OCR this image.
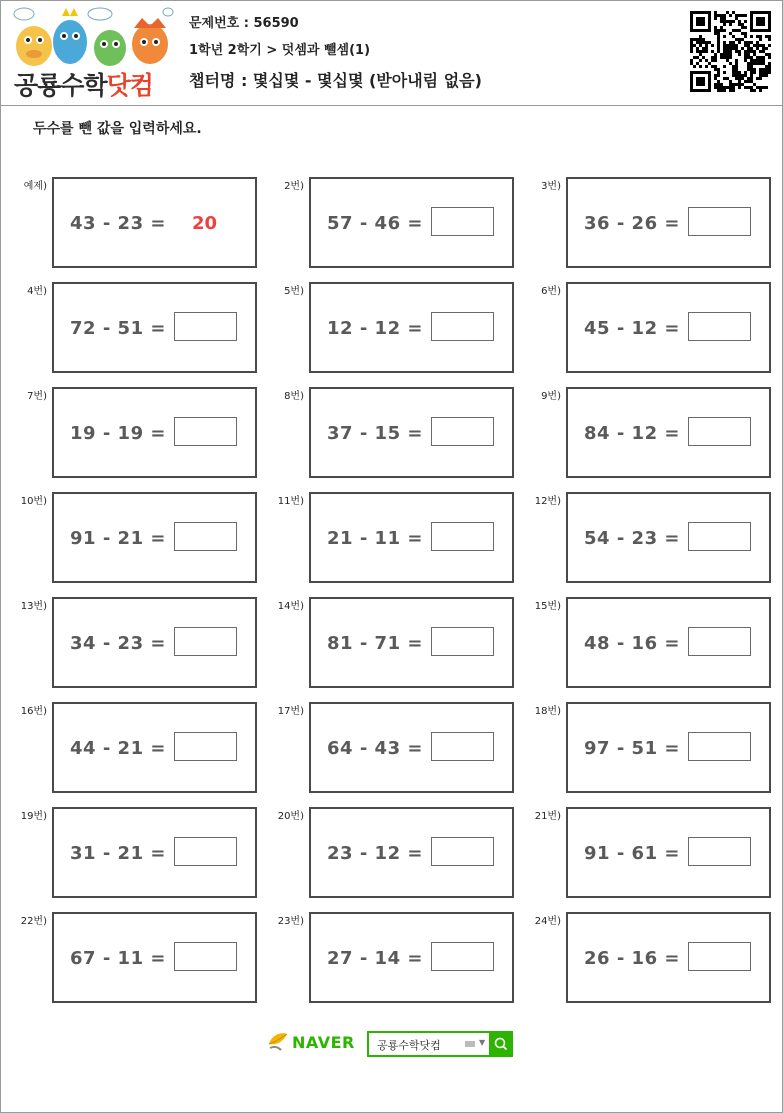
공룡수학닷컴
문제번호 : 56590
1학년 2학기 > 덧셈과 뺄셈(1)
챕터명 : 몇십몇 - 몇십몇 (받아내림 없음)
두수를 뺀 값을 입력하세요.
예제)
43 - 23 = 20
2번)
57 - 46 =
3번)
36 - 26 =
4번)
72 - 51 =
5번)
12 - 12 =
6번)
45 - 12 =
7번)
19 - 19 =
8번)
37 - 15 =
9번)
84 - 12 =
10번)
91 - 21 =
11번)
21 - 11 =
12번)
54 - 23 =
13번)
34 - 23 =
14번)
81 - 71 =
15번)
48 - 16 =
16번)
44 - 21 =
17번)
64 - 43 =
18번)
97 - 51 =
19번)
31 - 21 =
20번)
23 - 12 =
21번)
91 - 61 =
22번)
67 - 11 =
23번)
27 - 14 =
24번)
26 - 16 =
NAVER 공룡수학닷컴	▼
